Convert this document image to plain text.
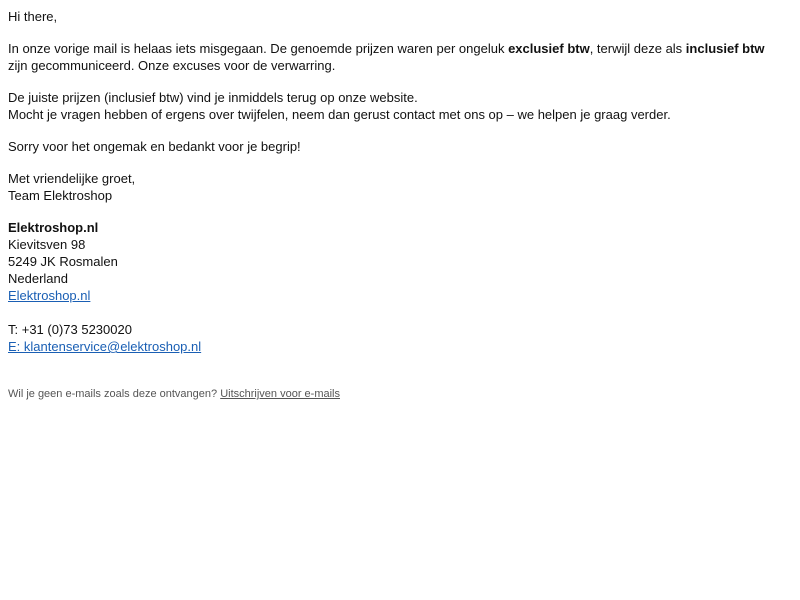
Hi there,

In onze vorige mail is helaas iets misgegaan. De genoemde prijzen waren per ongeluk exclusief btw, terwijl deze als inclusief btw zijn gecommuniceerd. Onze excuses voor de verwarring.

De juiste prijzen (inclusief btw) vind je inmiddels terug op onze website.

Mocht je vragen hebben of ergens over twijfelen, neem dan gerust contact met ons op – we helpen je graag verder.

Sorry voor het ongemak en bedankt voor je begrip!

Met vriendelijke groet,

Team Elektroshop

Elektroshop.nl

Kievitsven 98

5249 JK Rosmalen

Nederland

Elektroshop.nl

T: +31 (0)73 5230020

E: klantenservice@elektroshop.nl

Wil je geen e-mails zoals deze ontvangen? Uitschrijven voor e-mails
